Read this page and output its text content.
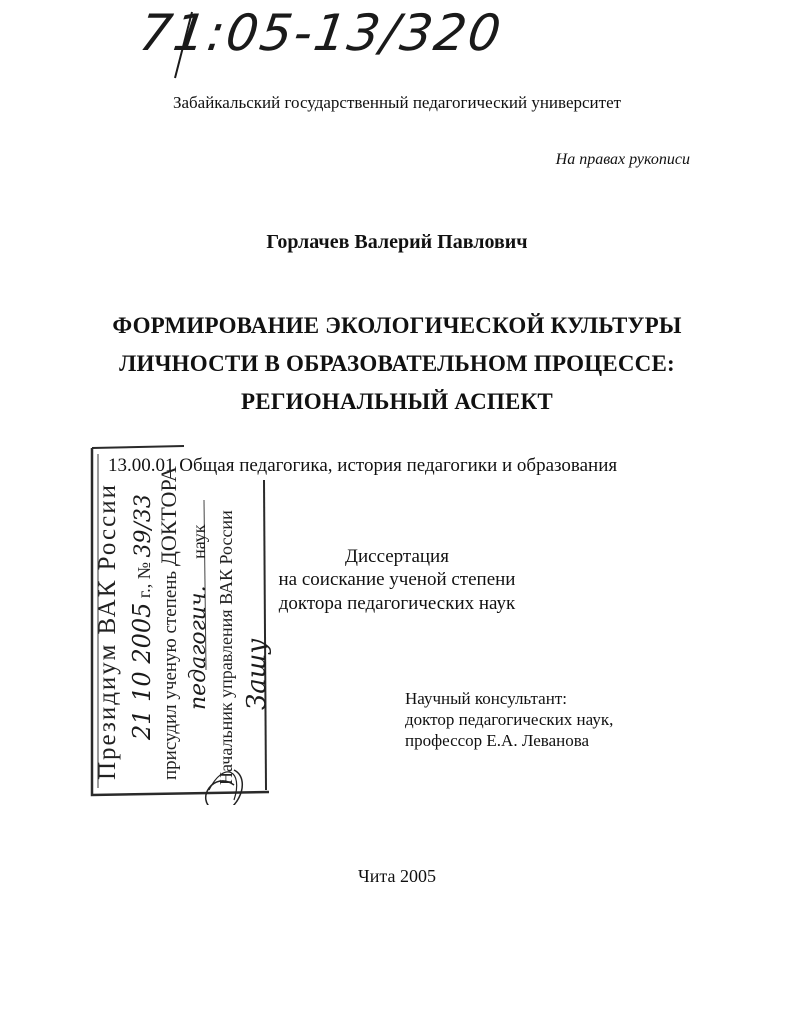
71:05-13/320
Забайкальский государственный педагогический университет
На правах рукописи
Горлачев Валерий Павлович
ФОРМИРОВАНИЕ ЭКОЛОГИЧЕСКОЙ КУЛЬТУРЫ
ЛИЧНОСТИ В ОБРАЗОВАТЕЛЬНОМ ПРОЦЕССЕ:
РЕГИОНАЛЬНЫЙ АСПЕКТ
13.00.01 Общая педагогика, история педагогики и образования
Диссертация
на соискание ученой степени
доктора педагогических наук
Научный консультант:
доктор педагогических наук,
профессор Е.А. Леванова
Чита 2005
Президиум ВАК России 21 10 2005 г., № 39/33
присудил ученую степень ДОКТОРА
педагогич. наук Начальник управления ВАК России Зашу
